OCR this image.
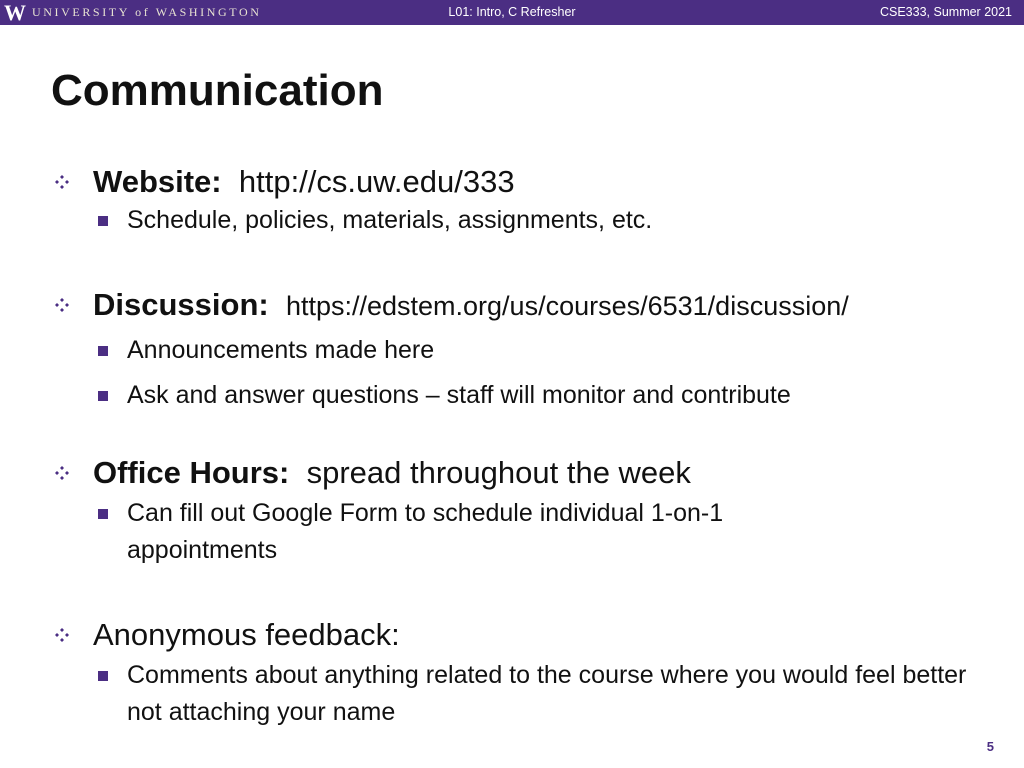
W UNIVERSITY of WASHINGTON	L01: Intro, C Refresher	CSE333, Summer 2021
Communication
Website: http://cs.uw.edu/333
Schedule, policies, materials, assignments, etc.
Discussion: https://edstem.org/us/courses/6531/discussion/
Announcements made here
Ask and answer questions – staff will monitor and contribute
Office Hours: spread throughout the week
Can fill out Google Form to schedule individual 1-on-1 appointments
Anonymous feedback:
Comments about anything related to the course where you would feel better not attaching your name
5
